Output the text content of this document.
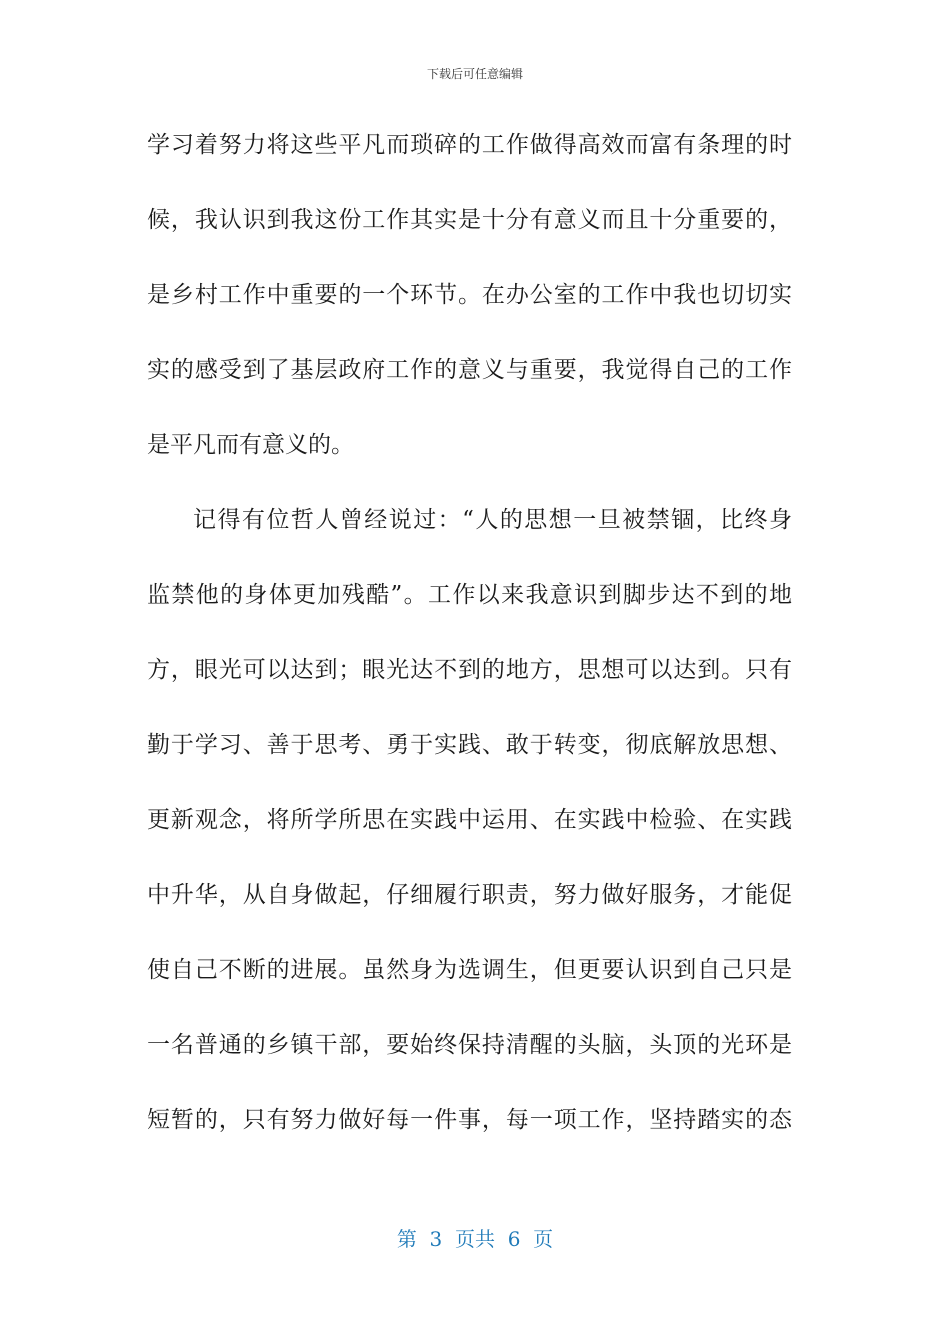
下载后可任意编辑
学习着努力将这些平凡而琐碎的工作做得高效而富有条理的时
候，我认识到我这份工作其实是十分有意义而且十分重要的，
是乡村工作中重要的一个环节。在办公室的工作中我也切切实
实的感受到了基层政府工作的意义与重要，我觉得自己的工作
是平凡而有意义的。
记得有位哲人曾经说过：“人的思想一旦被禁锢，比终身
监禁他的身体更加残酷”。工作以来我意识到脚步达不到的地
方，眼光可以达到；眼光达不到的地方，思想可以达到。只有
勤于学习、善于思考、勇于实践、敢于转变，彻底解放思想、
更新观念，将所学所思在实践中运用、在实践中检验、在实践
中升华，从自身做起，仔细履行职责，努力做好服务，才能促
使自己不断的进展。虽然身为选调生，但更要认识到自己只是
一名普通的乡镇干部，要始终保持清醒的头脑，头顶的光环是
短暂的，只有努力做好每一件事，每一项工作，坚持踏实的态
第  3  页共  6  页
